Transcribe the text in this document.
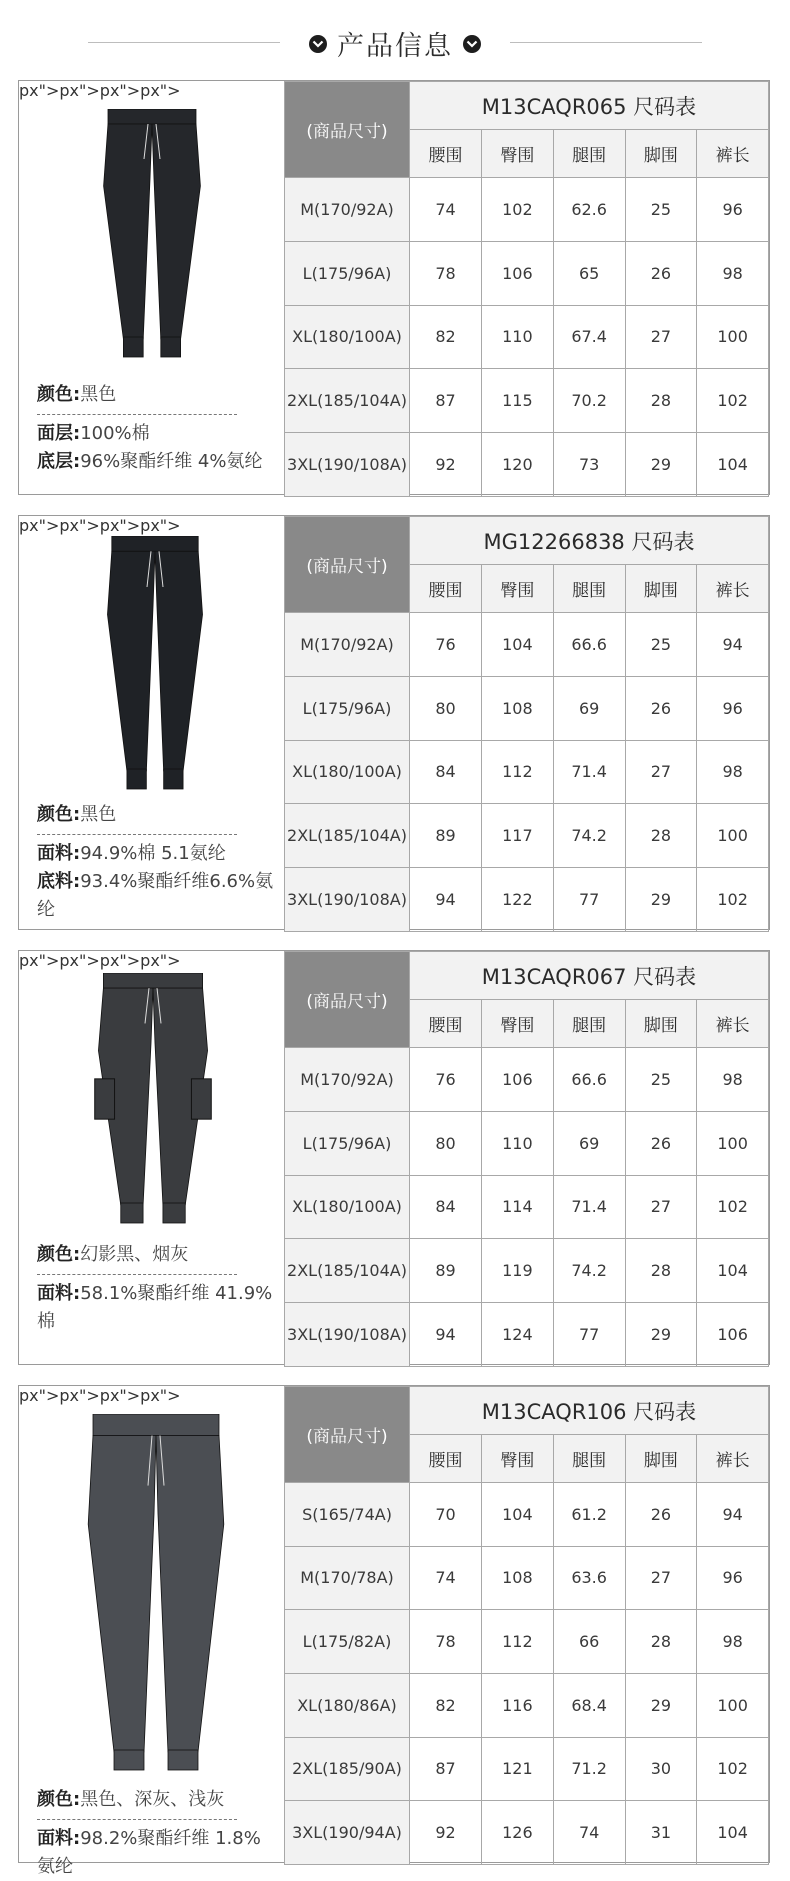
产品信息
颜色:黑色
面层:100%棉
底层:96%聚酯纤维 4%氨纶
px">px">px">px">
(商品尺寸)	M13CAQR065 尺码表				
	腰围	臀围	腿围	脚围	裤长
M(170/92A)	74	102	62.6	25	96
L(175/96A)	78	106	65	26	98
XL(180/100A)	82	110	67.4	27	100
2XL(185/104A)	87	115	70.2	28	102
3XL(190/108A)	92	120	73	29	104
颜色:黑色
面料:94.9%棉 5.1氨纶
底料:93.4%聚酯纤维6.6%氨纶
px">px">px">px">
(商品尺寸)	MG12266838 尺码表				
	腰围	臀围	腿围	脚围	裤长
M(170/92A)	76	104	66.6	25	94
L(175/96A)	80	108	69	26	96
XL(180/100A)	84	112	71.4	27	98
2XL(185/104A)	89	117	74.2	28	100
3XL(190/108A)	94	122	77	29	102
颜色:幻影黑、烟灰
面料:58.1%聚酯纤维 41.9%棉
px">px">px">px">
(商品尺寸)	M13CAQR067 尺码表				
	腰围	臀围	腿围	脚围	裤长
M(170/92A)	76	106	66.6	25	98
L(175/96A)	80	110	69	26	100
XL(180/100A)	84	114	71.4	27	102
2XL(185/104A)	89	119	74.2	28	104
3XL(190/108A)	94	124	77	29	106
颜色:黑色、深灰、浅灰
面料:98.2%聚酯纤维 1.8%氨纶
px">px">px">px">
(商品尺寸)	M13CAQR106 尺码表				
	腰围	臀围	腿围	脚围	裤长
S(165/74A)	70	104	61.2	26	94
M(170/78A)	74	108	63.6	27	96
L(175/82A)	78	112	66	28	98
XL(180/86A)	82	116	68.4	29	100
2XL(185/90A)	87	121	71.2	30	102
3XL(190/94A)	92	126	74	31	104
